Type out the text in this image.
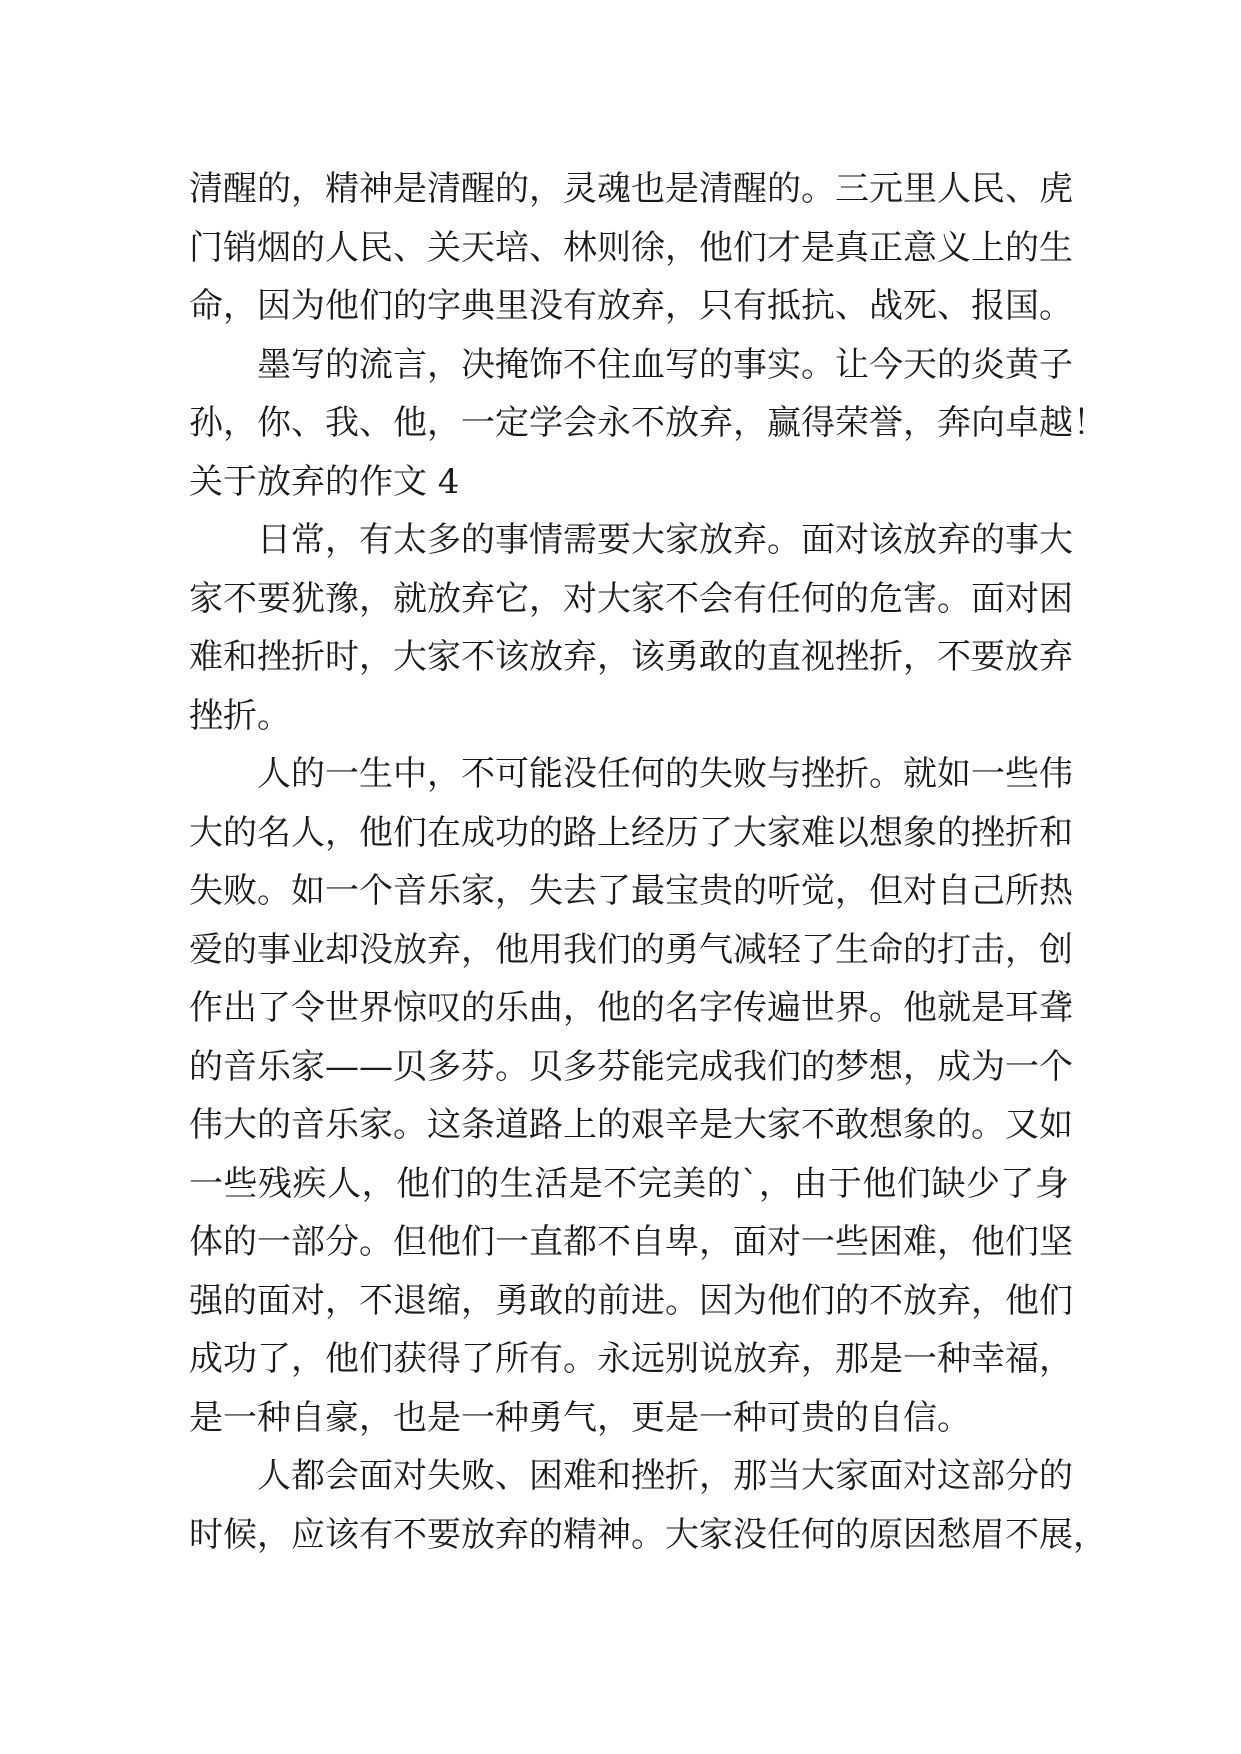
清醒的，精神是清醒的，灵魂也是清醒的。三元里人民、虎
门销烟的人民、关天培、林则徐，他们才是真正意义上的生
命，因为他们的字典里没有放弃，只有抵抗、战死、报国。
墨写的流言，决掩饰不住血写的事实。让今天的炎黄子
孙，你、我、他，一定学会永不放弃，赢得荣誉，奔向卓越！
关于放弃的作文 4
日常，有太多的事情需要大家放弃。面对该放弃的事大
家不要犹豫，就放弃它，对大家不会有任何的危害。面对困
难和挫折时，大家不该放弃，该勇敢的直视挫折，不要放弃
挫折。
人的一生中，不可能没任何的失败与挫折。就如一些伟
大的名人，他们在成功的路上经历了大家难以想象的挫折和
失败。如一个音乐家，失去了最宝贵的听觉，但对自己所热
爱的事业却没放弃，他用我们的勇气减轻了生命的打击，创
作出了令世界惊叹的乐曲，他的名字传遍世界。他就是耳聋
的音乐家——贝多芬。贝多芬能完成我们的梦想，成为一个
伟大的音乐家。这条道路上的艰辛是大家不敢想象的。又如
一些残疾人，他们的生活是不完美的`，由于他们缺少了身
体的一部分。但他们一直都不自卑，面对一些困难，他们坚
强的面对，不退缩，勇敢的前进。因为他们的不放弃，他们
成功了，他们获得了所有。永远别说放弃，那是一种幸福，
是一种自豪，也是一种勇气，更是一种可贵的自信。
人都会面对失败、困难和挫折，那当大家面对这部分的
时候，应该有不要放弃的精神。大家没任何的原因愁眉不展，
